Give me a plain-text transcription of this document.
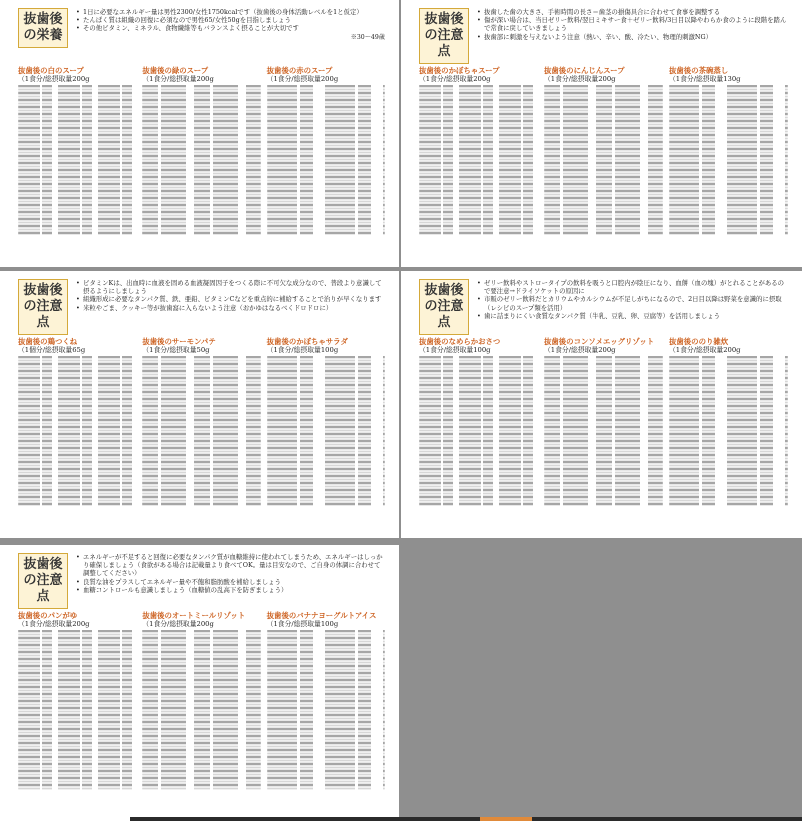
抜歯後の栄養
• 1日に必要なエネルギー量は男性2300/女性1750kcalです（抜歯後の身体活動レベルを1と仮定）
• たんぱく質は組織の回復に必須なので男性65/女性50gを目指しましょう
• その他ビタミン、ミネラル、食物繊維等もバランスよく摂ることが大切です
※30〜49歳
抜歯後の白のスープ
（1食分/総摂取量200g
抜歯後の緑のスープ
（1食分/総摂取量200g
抜歯後の赤のスープ
（1食分/総摂取量200g
抜歯後の注意点
• 抜歯した歯の大きさ、手術時間の長さ＝歯茎の損傷具合に合わせて食事を調整する
• 傷が深い場合は、当日ゼリー飲料/翌日ミキサー食＋ゼリー飲料/3日目以降やわらか食のように段階を踏んで常食に戻していきましょう
• 抜歯部に刺激を与えないよう注意（熱い、辛い、酸、冷たい、物理的刺激NG）
抜歯後のかぼちゃスープ
（1食分/総摂取量200g
抜歯後のにんじんスープ
（1食分/総摂取量200g
抜歯後の茶碗蒸し
（1食分/総摂取量130g
抜歯後の注意点
• ビタミンKは、出血時に血液を固める血液凝固因子をつくる際に不可欠な成分なので、普段より意識して摂るようにしましょう
• 組織形成に必要なタンパク質、鉄、亜鉛、ビタミンCなどを重点的に補給することで治りが早くなります
• 米粒やごま、クッキー等が抜歯窩に入らないよう注意（おかゆはなるべくドロドロに）
抜歯後の鶏つくね
（1個分/総摂取量65g
抜歯後のサーモンパテ
（1食分/総摂取量50g
抜歯後のかぼちゃサラダ
（1食分/総摂取量100g
抜歯後の注意点
• ゼリー飲料やストロータイプの飲料を吸うと口腔内が陰圧になり、血餅（血の塊）がとれることがあるので要注意→ドライソケットの原因に
• 市販のゼリー飲料だとカリウムやカルシウムが不足しがちになるので、2日目以降は野菜を意識的に摂取（レシピのスープ類を活用）
• 歯に詰まりにくい食質なタンパク質（牛乳、豆乳、卵、豆腐等）を活用しましょう
抜歯後のなめらかおさつ
（1食分/総摂取量100g
抜歯後のコンソメエッグリゾット
（1食分/総摂取量200g
抜歯後ののり雑炊
（1食分/総摂取量200g
抜歯後の注意点
• エネルギーが不足すると回復に必要なタンパク質が血糖維持に使われてしまうため、エネルギーはしっかり確保しましょう（食欲がある場合は記載量より食べてOK。量は目安なので、ご自身の体調に合わせて調整してください）
• 良質な油をプラスしてエネルギー量や不飽和脂肪酸を補給しましょう
• 血糖コントロールも意識しましょう（血糖値の乱高下を防ぎましょう）
抜歯後のパンがゆ
（1食分/総摂取量200g
抜歯後のオートミールリゾット
（1食分/総摂取量200g
抜歯後のバナナヨーグルトアイス
（1食分/総摂取量100g
